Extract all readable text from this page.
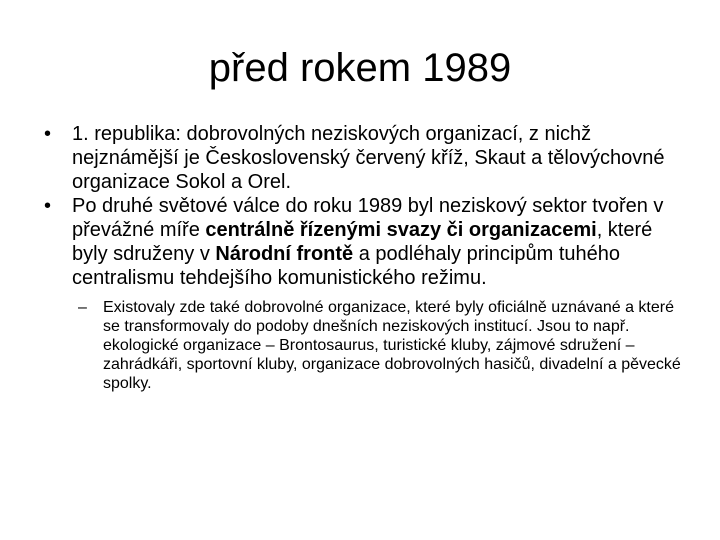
před rokem 1989
• 1. republika: dobrovolných neziskových organizací, z nichž nejznámější je Československý červený kříž, Skaut a tělovýchovné organizace Sokol a Orel.
• Po druhé světové válce do roku 1989 byl neziskový sektor tvořen v převážné míře centrálně řízenými svazy či organizacemi, které byly sdruženy v Národní frontě a podléhaly principům tuhého centralismu tehdejšího komunistického režimu.
– Existovaly zde také dobrovolné organizace, které byly oficiálně uznávané a které se transformovaly do podoby dnešních neziskových institucí. Jsou to např. ekologické organizace – Brontosaurus, turistické kluby, zájmové sdružení – zahrádkáři, sportovní kluby, organizace dobrovolných hasičů, divadelní a pěvecké spolky.
